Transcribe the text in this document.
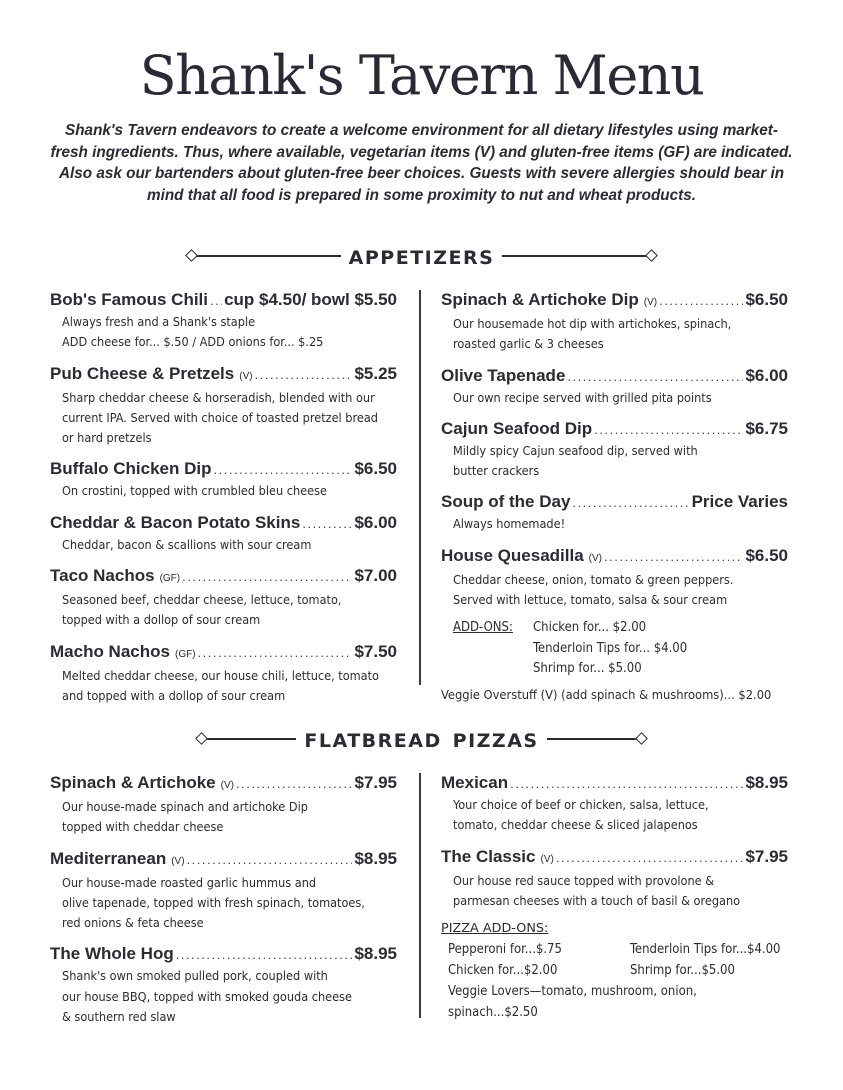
Shank's Tavern Menu
Shank's Tavern endeavors to create a welcome environment for all dietary lifestyles using market-fresh ingredients. Thus, where available, vegetarian items (V) and gluten-free items (GF) are indicated. Also ask our bartenders about gluten-free beer choices. Guests with severe allergies should bear in mind that all food is prepared in some proximity to nut and wheat products.
appetizers
Bob's Famous Chili ..... cup $4.50/ bowl $5.50
Always fresh and a Shank's staple
ADD cheese for... $.50 / ADD onions for... $.25
Pub Cheese & Pretzels (V) .....	$5.25
Sharp cheddar cheese & horseradish, blended with our
current IPA. Served with choice of toasted pretzel bread
or hard pretzels
Buffalo Chicken Dip .....	$6.50
On crostini, topped with crumbled bleu cheese
Cheddar & Bacon Potato Skins .....	$6.00
Cheddar, bacon & scallions with sour cream
Taco Nachos (GF) .....	$7.00
Seasoned beef, cheddar cheese, lettuce, tomato,
topped with a dollop of sour cream
Macho Nachos (GF) .....	$7.50
Melted cheddar cheese, our house chili, lettuce, tomato
and topped with a dollop of sour cream
Spinach & Artichoke Dip (V) .....	$6.50
Our housemade hot dip with artichokes, spinach,
roasted garlic & 3 cheeses
Olive Tapenade .....	$6.00
Our own recipe served with grilled pita points
Cajun Seafood Dip .....	$6.75
Mildly spicy Cajun seafood dip, served with
butter crackers
Soup of the Day .....	Price Varies
Always homemade!
House Quesadilla (V) .....	$6.50
Cheddar cheese, onion, tomato & green peppers.
Served with lettuce, tomato, salsa & sour cream
ADD-ONS:	Chicken for... $2.00
Tenderloin Tips for... $4.00
Shrimp for... $5.00
Veggie Overstuff (V) (add spinach & mushrooms)... $2.00
flatbread pizzas
Spinach & Artichoke (V) .....	$7.95
Our house-made spinach and artichoke Dip
topped with cheddar cheese
Mediterranean (V) .....	$8.95
Our house-made roasted garlic hummus and
olive tapenade, topped with fresh spinach, tomatoes,
red onions & feta cheese
The Whole Hog .....	$8.95
Shank's own smoked pulled pork, coupled with
our house BBQ, topped with smoked gouda cheese
& southern red slaw
Mexican .....	$8.95
Your choice of beef or chicken, salsa, lettuce,
tomato, cheddar cheese & sliced jalapenos
The Classic (V) .....	$7.95
Our house red sauce topped with provolone &
parmesan cheeses with a touch of basil & oregano
PIZZA ADD-ONS:
Pepperoni for...$.75	Tenderloin Tips for...$4.00
Chicken for...$2.00	Shrimp for...$5.00
Veggie Lovers—tomato, mushroom, onion, spinach...$2.50
